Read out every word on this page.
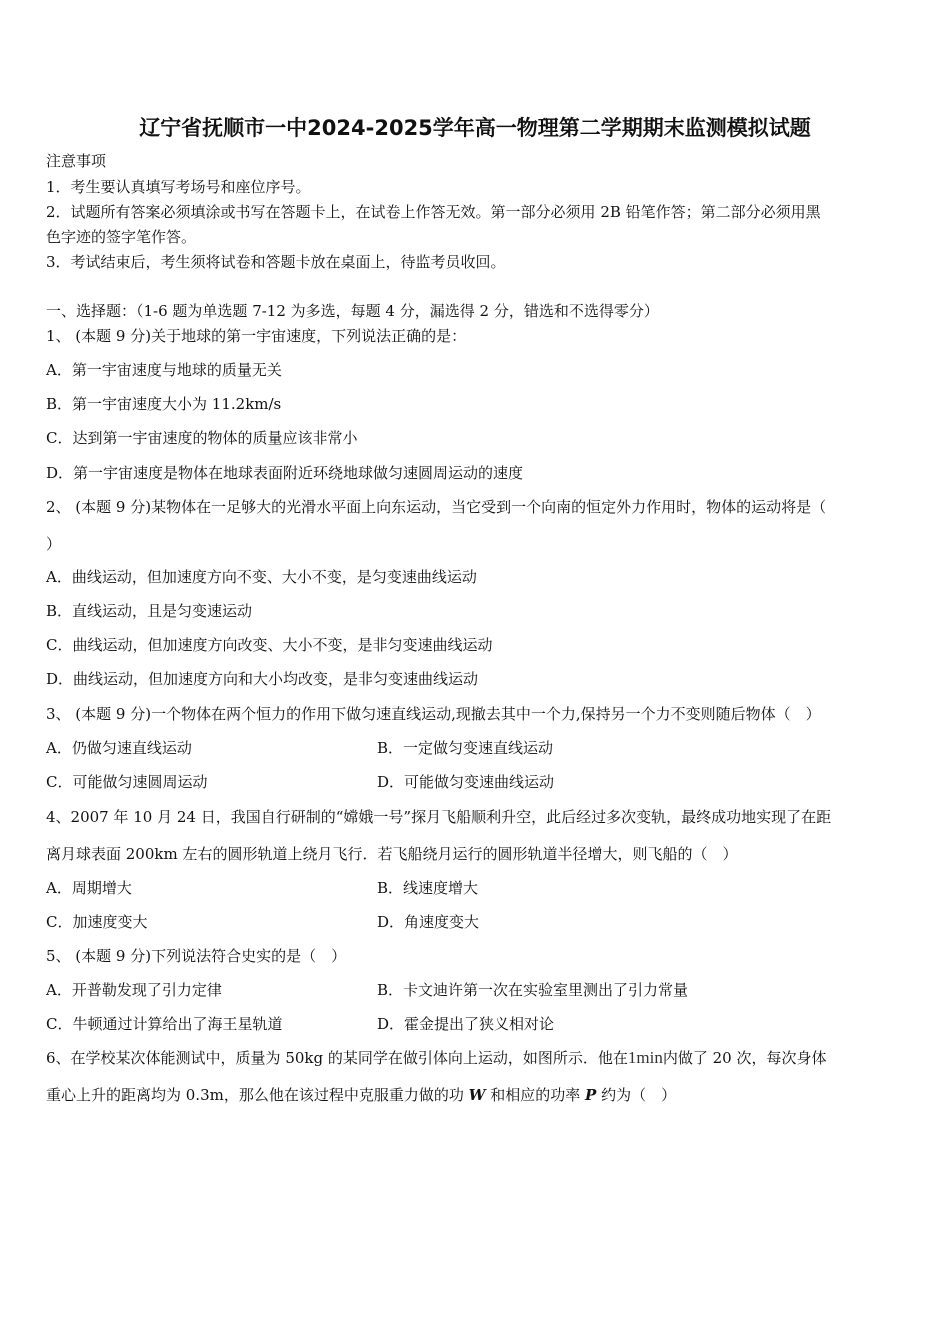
辽宁省抚顺市一中2024-2025学年高一物理第二学期期末监测模拟试题
注意事项
1．考生要认真填写考场号和座位序号。
2．试题所有答案必须填涂或书写在答题卡上，在试卷上作答无效。第一部分必须用 2B 铅笔作答；第二部分必须用黑
色字迹的签字笔作答。
3．考试结束后，考生须将试卷和答题卡放在桌面上，待监考员收回。
一、选择题：（1-6 题为单选题 7-12 为多选，每题 4 分，漏选得 2 分，错选和不选得零分）
1、 (本题 9 分)关于地球的第一宇宙速度，下列说法正确的是：
A．第一宇宙速度与地球的质量无关
B．第一宇宙速度大小为 11.2km/s
C．达到第一宇宙速度的物体的质量应该非常小
D．第一宇宙速度是物体在地球表面附近环绕地球做匀速圆周运动的速度
2、 (本题 9 分)某物体在一足够大的光滑水平面上向东运动，当它受到一个向南的恒定外力作用时，物体的运动将是（
）
A．曲线运动，但加速度方向不变、大小不变，是匀变速曲线运动
B．直线运动，且是匀变速运动
C．曲线运动，但加速度方向改变、大小不变，是非匀变速曲线运动
D．曲线运动，但加速度方向和大小均改变，是非匀变速曲线运动
3、 (本题 9 分)一个物体在两个恒力的作用下做匀速直线运动,现撤去其中一个力,保持另一个力不变则随后物体（　）
A．仍做匀速直线运动	B．一定做匀变速直线运动
C．可能做匀速圆周运动	D．可能做匀变速曲线运动
4、2007 年 10 月 24 日，我国自行研制的“嫦娥一号”探月飞船顺利升空，此后经过多次变轨，最终成功地实现了在距
离月球表面 200km 左右的圆形轨道上绕月飞行．若飞船绕月运行的圆形轨道半径增大，则飞船的（　）
A．周期增大	B．线速度增大
C．加速度变大	D．角速度变大
5、 (本题 9 分)下列说法符合史实的是（　）
A．开普勒发现了引力定律	B．卡文迪许第一次在实验室里测出了引力常量
C．牛顿通过计算给出了海王星轨道	D．霍金提出了狭义相对论
6、在学校某次体能测试中，质量为 50kg 的某同学在做引体向上运动，如图所示．他在1min内做了 20 次，每次身体
重心上升的距离均为 0.3m，那么他在该过程中克服重力做的功 W 和相应的功率 P 约为（　）
